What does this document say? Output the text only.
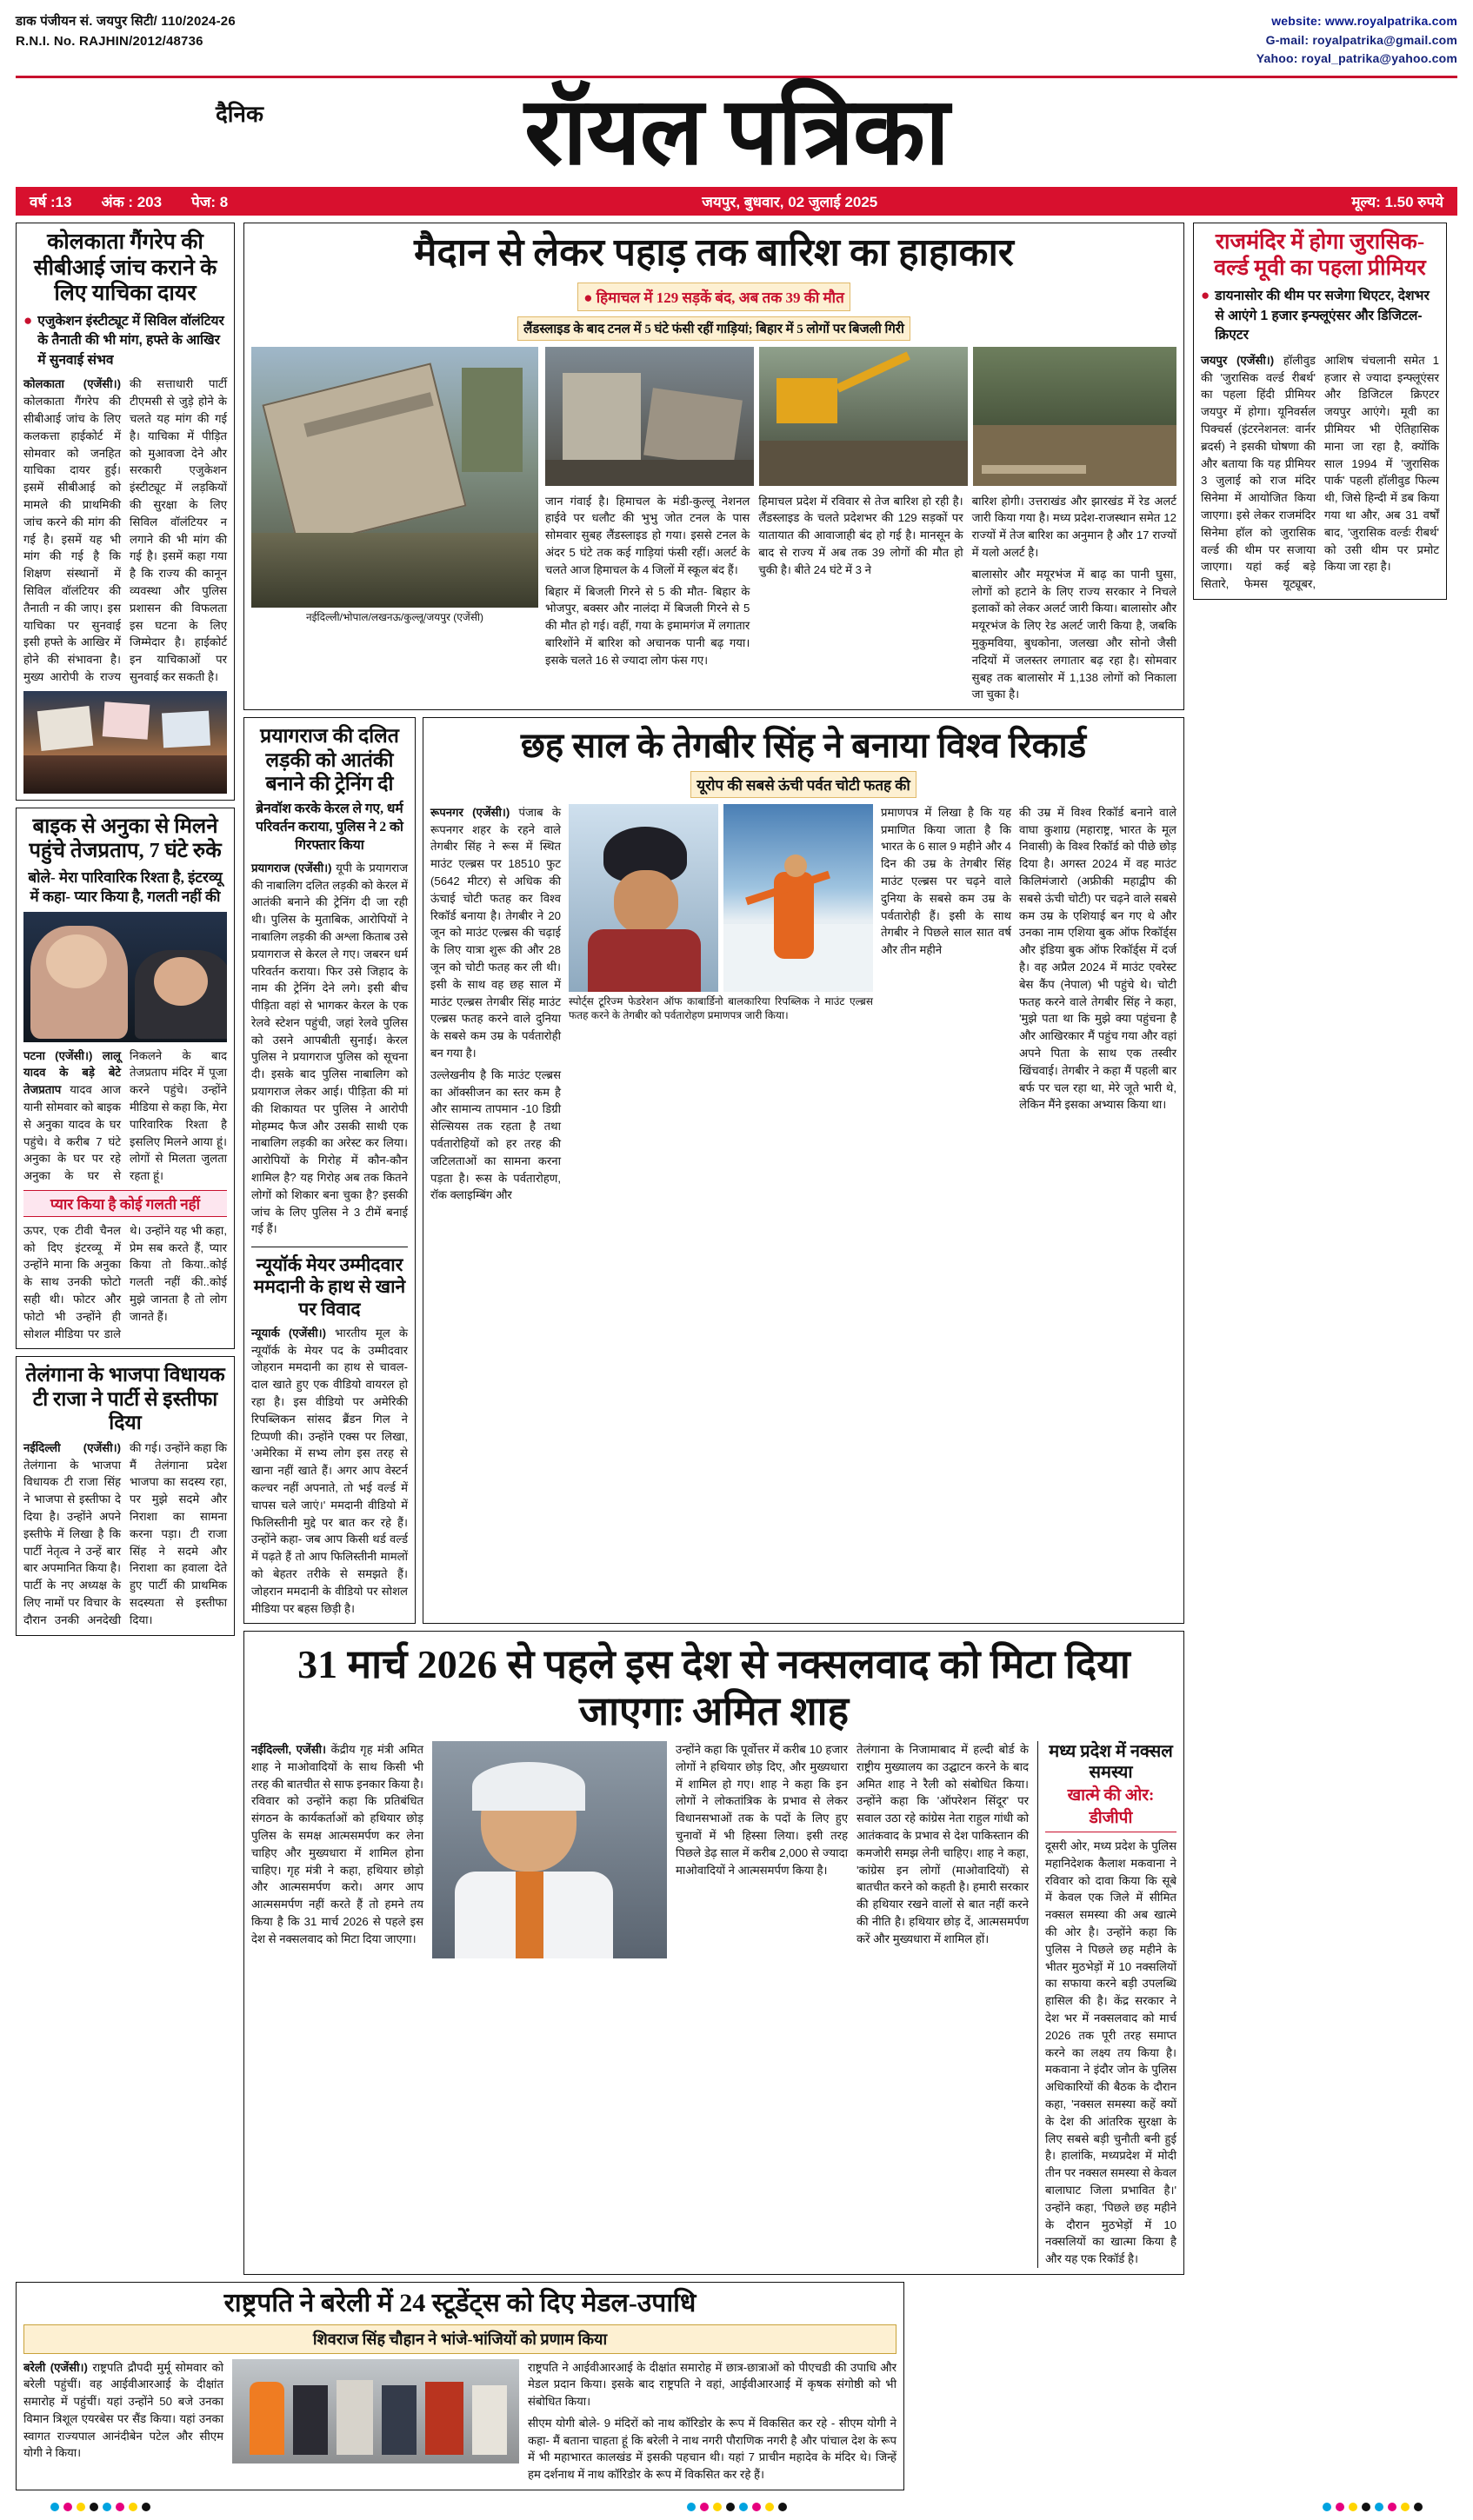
डाक पंजीयन सं. जयपुर सिटी/ 110/2024-26
R.N.I. No. RAJHIN/2012/48736
website: www.royalpatrika.com
G-mail: royalpatrika@gmail.com
Yahoo: royal_patrika@yahoo.com
दैनिक	रॉयल पत्रिका
वर्ष :13 अंक : 203 पेज: 8	जयपुर, बुधवार, 02 जुलाई 2025	मूल्य: 1.50 रुपये
कोलकाता गैंगरेप की सीबीआई जांच कराने के लिए याचिका दायर
● एजुकेशन इंस्टीट्यूट में सिविल वॉलंटियर के तैनाती की भी मांग, हफ्ते के आखिर में सुनवाई संभव
कोलकाता (एजेंसी।) कोलकाता गैंगरेप की सीबीआई जांच के लिए कलकत्ता हाईकोर्ट में सोमवार को जनहित याचिका दायर हुई। इसमें सीबीआई को मामले की प्राथमिकी जांच करने की मांग की गई है। इसमें यह भी मांग की गई है कि शिक्षण संस्थानों में सिविल वॉलंटियर की तैनाती न की जाए। इस याचिका पर सुनवाई इसी हफ्ते के आखिर में होने की संभावना है। मुख्य आरोपी के राज्य की सत्ताधारी पार्टी टीएमसी से जुड़े होने के चलते यह मांग की गई है। याचिका में पीड़ित को मुआवजा देने और सरकारी एजुकेशन इंस्टीट्यूट में लड़कियों की सुरक्षा के लिए सिविल वॉलंटियर न लगाने की भी मांग की गई है। इसमें कहा गया है कि राज्य की कानून व्यवस्था और पुलिस प्रशासन की विफलता इस घटना के लिए जिम्मेदार है। हाईकोर्ट इन याचिकाओं पर सुनवाई कर सकती है।
बाइक से अनुका से मिलने पहुंचे तेजप्रताप, 7 घंटे रुके
बोले- मेरा पारिवारिक रिश्ता है, इंटरव्यू में कहा- प्यार किया है, गलती नहीं की
पटना (एजेंसी।) लालू यादव के बड़े बेटे तेजप्रताप यादव आज यानी सोमवार को बाइक से अनुका यादव के घर पहुंचे। वे करीब 7 घंटे अनुका के घर पर रहे अनुका के घर से निकलने के बाद तेजप्रताप मंदिर में पूजा करने पहुंचे। उन्होंने मीडिया से कहा कि, मेरा पारिवारिक रिश्ता है इसलिए मिलने आया हूं। लोगों से मिलता जुलता रहता हूं।
प्यार किया है कोई गलती नहीं
ऊपर, एक टीवी चैनल को दिए इंटरव्यू में उन्होंने माना कि अनुका के साथ उनकी फोटो सही थी। फोटर और फोटो भी उन्होंने ही सोशल मीडिया पर डाले थे। उन्होंने यह भी कहा, प्रेम सब करते हैं, प्यार किया तो किया..कोई गलती नहीं की..कोई मुझे जानता है तो लोग जानते हैं।
तेलंगाना के भाजपा विधायक टी राजा ने पार्टी से इस्तीफा दिया
नईदिल्ली (एजेंसी।) तेलंगाना के भाजपा विधायक टी राजा सिंह ने भाजपा से इस्तीफा दे दिया है। उन्होंने अपने इस्तीफे में लिखा है कि पार्टी नेतृत्व ने उन्हें बार बार अपमानित किया है। पार्टी के नए अध्यक्ष के लिए नामों पर विचार के दौरान उनकी अनदेखी की गई। उन्होंने कहा कि मैं तेलंगाना प्रदेश भाजपा का सदस्य रहा, पर मुझे सदमे और निराशा का सामना करना पड़ा। टी राजा सिंह ने सदमे और निराशा का हवाला देते हुए पार्टी की प्राथमिक सदस्यता से इस्तीफा दिया।
मैदान से लेकर पहाड़ तक बारिश का हाहाकार
● हिमाचल में 129 सड़कें बंद, अब तक 39 की मौत
लैंडस्लाइड के बाद टनल में 5 घंटे फंसी रहीं गाड़ियां; बिहार में 5 लोगों पर बिजली गिरी
नईदिल्ली/भोपाल/लखनऊ/कुल्लू/जयपुर (एजेंसी)
जान गंवाई है। हिमाचल के मंडी-कुल्लू नेशनल हाईवे पर धलौट की भुभु जोत टनल के पास सोमवार सुबह लैंडस्लाइड हो गया। इससे टनल के अंदर 5 घंटे तक कई गाड़ियां फंसी रहीं। अलर्ट के चलते आज हिमाचल के 4 जिलों में स्कूल बंद हैं।
बिहार में बिजली गिरने से 5 की मौत- बिहार के भोजपुर, बक्सर और नालंदा में बिजली गिरने से 5 की मौत हो गई। वहीं, गया के इमामगंज में लगातार बारिशोंने में बारिश को अचानक पानी बढ़ गया। इसके चलते 16 से ज्यादा लोग फंस गए।
हिमाचल प्रदेश में रविवार से तेज बारिश हो रही है। लैंडस्लाइड के चलते प्रदेशभर की 129 सड़कों पर यातायात की आवाजाही बंद हो गई है। मानसून के बाद से राज्य में अब तक 39 लोगों की मौत हो चुकी है। बीते 24 घंटे में 3 ने
बारिश होगी। उत्तराखंड और झारखंड में रेड अलर्ट जारी किया गया है। मध्य प्रदेश-राजस्थान समेत 12 राज्यों में तेज बारिश का अनुमान है और 17 राज्यों में यलो अलर्ट है।
बालासोर और मयूरभंज में बाढ़ का पानी घुसा, लोगों को हटाने के लिए राज्य सरकार ने निचले इलाकों को लेकर अलर्ट जारी किया। बालासोर और मयूरभंज के लिए रेड अलर्ट जारी किया है, जबकि मुकुमविया, बुधकोना, जलखा और सोनो जैसी नदियों में जलस्तर लगातार बढ़ रहा है। सोमवार सुबह तक बालासोर में 1,138 लोगों को निकाला जा चुका है।
प्रयागराज की दलित लड़की को आतंकी बनाने की ट्रेनिंग दी
ब्रेनवॉश करके केरल ले गए, धर्म परिवर्तन कराया, पुलिस ने 2 को गिरफ्तार किया
प्रयागराज (एजेंसी।) यूपी के प्रयागराज की नाबालिग दलित लड़की को केरल में आतंकी बनाने की ट्रेनिंग दी जा रही थी। पुलिस के मुताबिक, आरोपियों ने नाबालिग लड़की की अश्ला किताब उसे प्रयागराज से केरल ले गए। जबरन धर्म परिवर्तन कराया। फिर उसे जिहाद के नाम की ट्रेनिंग देने लगे। इसी बीच पीड़िता वहां से भागकर केरल के एक रेलवे स्टेशन पहुंची, जहां रेलवे पुलिस को उसने आपबीती सुनाई। केरल पुलिस ने प्रयागराज पुलिस को सूचना दी। इसके बाद पुलिस नाबालिग को प्रयागराज लेकर आई। पीड़िता की मां की शिकायत पर पुलिस ने आरोपी मोहम्मद फैज और उसकी साथी एक नाबालिग लड़की का अरेस्ट कर लिया। आरोपियों के गिरोह में कौन-कौन शामिल है? यह गिरोह अब तक कितने लोगों को शिकार बना चुका है? इसकी जांच के लिए पुलिस ने 3 टीमें बनाई गई हैं।
न्यूयॉर्क मेयर उम्मीदवार ममदानी के हाथ से खाने पर विवाद
न्यूयार्क (एजेंसी।) भारतीय मूल के न्यूयॉर्क के मेयर पद के उम्मीदवार जोहरान ममदानी का हाथ से चावल-दाल खाते हुए एक वीडियो वायरल हो रहा है। इस वीडियो पर अमेरिकी रिपब्लिकन सांसद ब्रैंडन गिल ने टिप्पणी की। उन्होंने एक्स पर लिखा, 'अमेरिका में सभ्य लोग इस तरह से खाना नहीं खाते हैं। अगर आप वेस्टर्न कल्चर नहीं अपनाते, तो भई वर्ल्ड में चापस चले जाएं।' ममदानी वीडियो में फिलिस्तीनी मुद्दे पर बात कर रहे हैं। उन्होंने कहा- जब आप किसी थर्ड वर्ल्ड में पढ़ते हैं तो आप फिलिस्तीनी मामलों को बेहतर तरीके से समझते हैं। जोहरान ममदानी के वीडियो पर सोशल मीडिया पर बहस छिड़ी है।
छह साल के तेगबीर सिंह ने बनाया विश्व रिकार्ड
यूरोप की सबसे ऊंची पर्वत चोटी फतह की
रूपनगर (एजेंसी।) पंजाब के रूपनगर शहर के रहने वाले तेगबीर सिंह ने रूस में स्थित माउंट एल्ब्रस पर 18510 फुट (5642 मीटर) से अधिक की ऊंचाई चोटी फतह कर विश्व रिकॉर्ड बनाया है। तेगबीर ने 20 जून को माउंट एल्ब्रस की चढ़ाई के लिए यात्रा शुरू की और 28 जून को चोटी फतह कर ली थी। इसी के साथ वह छह साल में माउंट एल्ब्रस तेगबीर सिंह माउंट एल्ब्रस फतह करने वाले दुनिया के सबसे कम उम्र के पर्वतारोही बन गया है।
उल्लेखनीय है कि माउंट एल्ब्रस का ऑक्सीजन का स्तर कम है और सामान्य तापमान -10 डिग्री सेल्सियस तक रहता है तथा पर्वतारोहियों को हर तरह की जटिलताओं का सामना करना पड़ता है। रूस के पर्वतारोहण, रॉक क्लाइम्बिंग और
स्पोर्ट्स टूरिज्म फेडरेशन ऑफ काबार्डिनो बालकारिया रिपब्लिक ने माउंट एल्ब्रस फतह करने के तेगबीर को पर्वतारोहण प्रमाणपत्र जारी किया।
प्रमाणपत्र में लिखा है कि यह प्रमाणित किया जाता है कि भारत के 6 साल 9 महीने और 4 दिन की उम्र के तेगबीर सिंह माउंट एल्ब्रस पर चढ़ने वाले दुनिया के सबसे कम उम्र के पर्वतारोही हैं। इसी के साथ तेगबीर ने पिछले साल सात वर्ष और तीन महीने
की उम्र में विश्व रिकॉर्ड बनाने वाले वाघा कुशाग्र (महाराष्ट्र, भारत के मूल निवासी) के विश्व रिकॉर्ड को पीछे छोड़ दिया है। अगस्त 2024 में वह माउंट किलिमंजारो (अफ्रीकी महाद्वीप की सबसे ऊंची चोटी) पर चढ़ने वाले सबसे कम उम्र के एशियाई बन गए थे और उनका नाम एशिया बुक ऑफ रिकॉर्ड्स और इंडिया बुक ऑफ रिकॉर्ड्स में दर्ज है। वह अप्रैल 2024 में माउंट एवरेस्ट बेस कैंप (नेपाल) भी पहुंचे थे। चोटी फतह करने वाले तेगबीर सिंह ने कहा, 'मुझे पता था कि मुझे क्या पहुंचना है और आखिरकार मैं पहुंच गया और वहां अपने पिता के साथ एक तस्वीर खिंचवाई। तेगबीर ने कहा मैं पहली बार बर्फ पर चल रहा था, मेरे जूते भारी थे, लेकिन मैंने इसका अभ्यास किया था।
31 मार्च 2026 से पहले इस देश से नक्सलवाद को मिटा दिया जाएगाः अमित शाह
नईदिल्ली, एजेंसी। केंद्रीय गृह मंत्री अमित शाह ने माओवादियों के साथ किसी भी तरह की बातचीत से साफ इनकार किया है। रविवार को उन्होंने कहा कि प्रतिबंधित संगठन के कार्यकर्ताओं को हथियार छोड़ पुलिस के समक्ष आत्मसमर्पण कर लेना चाहिए और मुख्यधारा में शामिल होना चाहिए। गृह मंत्री ने कहा, हथियार छोड़ो और आत्मसमर्पण करो। अगर आप आत्मसमर्पण नहीं करते हैं तो हमने तय किया है कि 31 मार्च 2026 से पहले इस देश से नक्सलवाद को मिटा दिया जाएगा।
उन्होंने कहा कि पूर्वोत्तर में करीब 10 हजार लोगों ने हथियार छोड़ दिए, और मुख्यधारा में शामिल हो गए। शाह ने कहा कि इन लोगों ने लोकतांत्रिक के प्रभाव से लेकर विधानसभाओं तक के पदों के लिए हुए चुनावों में भी हिस्सा लिया। इसी तरह पिछले डेढ़ साल में करीब 2,000 से ज्यादा माओवादियों ने आत्मसमर्पण किया है।
तेलंगाना के निजामाबाद में हल्दी बोर्ड के राष्ट्रीय मुख्यालय का उद्घाटन करने के बाद अमित शाह ने रैली को संबोधित किया। उन्होंने कहा कि 'ऑपरेशन सिंदूर' पर सवाल उठा रहे कांग्रेस नेता राहुल गांधी को आतंकवाद के प्रभाव से देश पाकिस्तान की कमजोरी समझ लेनी चाहिए। शाह ने कहा, 'कांग्रेस इन लोगों (माओवादियों) से बातचीत करने को कहती है। हमारी सरकार की हथियार रखने वालों से बात नहीं करने की नीति है। हथियार छोड़ दें, आत्मसमर्पण करें और मुख्यधारा में शामिल हों।
मध्य प्रदेश में नक्सल समस्या
खात्मे की ओर: डीजीपी
दूसरी ओर, मध्य प्रदेश के पुलिस महानिदेशक कैलाश मकवाना ने रविवार को दावा किया कि सूबे में केवल एक जिले में सीमित नक्सल समस्या की अब खात्मे की ओर है। उन्होंने कहा कि पुलिस ने पिछले छह महीने के भीतर मुठभेड़ों में 10 नक्सलियों का सफाया करने बड़ी उपलब्धि हासिल की है। केंद्र सरकार ने देश भर में नक्सलवाद को मार्च 2026 तक पूरी तरह समाप्त करने का लक्ष्य तय किया है। मकवाना ने इंदौर जोन के पुलिस अधिकारियों की बैठक के दौरान कहा, 'नक्सल समस्या कहें क्यों के देश की आंतरिक सुरक्षा के लिए सबसे बड़ी चुनौती बनी हुई है। हालांकि, मध्यप्रदेश में मोदी तीन पर नक्सल समस्या से केवल बालाघाट जिला प्रभावित है।' उन्होंने कहा, 'पिछले छह महीने के दौरान मुठभेड़ों में 10 नक्सलियों का खात्मा किया है और यह एक रिकॉर्ड है।
राजमंदिर में होगा जुरासिक-वर्ल्ड मूवी का पहला प्रीमियर
● डायनासोर की थीम पर सजेगा थिएटर, देशभर से आएंगे 1 हजार इन्फ्लूएंसर और डिजिटल-क्रिएटर
जयपुर (एजेंसी।) हॉलीवुड की 'जुरासिक वर्ल्ड रीबर्थ' का पहला हिंदी प्रीमियर जयपुर में होगा। यूनिवर्सल पिक्चर्स (इंटरनेशनल: वार्नर ब्रदर्स) ने इसकी घोषणा की और बताया कि यह प्रीमियर 3 जुलाई को राज मंदिर सिनेमा में आयोजित किया जाएगा। इसे लेकर राजमंदिर सिनेमा हॉल को जुरासिक वर्ल्ड की थीम पर सजाया जाएगा। यहां कई बड़े सितारे, फेमस यूट्यूबर, आशिष चंचलानी समेत 1 हजार से ज्यादा इन्फ्लूएंसर और डिजिटल क्रिएटर जयपुर आएंगे। मूवी का प्रीमियर भी ऐतिहासिक माना जा रहा है, क्योंकि साल 1994 में 'जुरासिक पार्क' पहली हॉलीवुड फिल्म थी, जिसे हिन्दी में डब किया गया था और, अब 31 वर्षों बाद, 'जुरासिक वर्ल्डः रीबर्थ' को उसी थीम पर प्रमोट किया जा रहा है।
राष्ट्रपति ने बरेली में 24 स्टूडेंट्स को दिए मेडल-उपाधि
शिवराज सिंह चौहान ने भांजे-भांजियों को प्रणाम किया
बरेली (एजेंसी।) राष्ट्रपति द्रौपदी मुर्मू सोमवार को बरेली पहुंचीं। वह आईवीआरआई के दीक्षांत समारोह में पहुंचीं। यहां उन्होंने 50 बजे उनका विमान त्रिशूल एयरबेस पर सैंड किया। यहां उनका स्वागत राज्यपाल आनंदीबेन पटेल और सीएम योगी ने किया।
राष्ट्रपति ने आईवीआरआई के दीक्षांत समारोह में छात्र-छात्राओं को पीएचडी की उपाधि और मेडल प्रदान किया। इसके बाद राष्ट्रपति ने वहां, आईवीआरआई में कृषक संगोष्ठी को भी संबोधित किया।
सीएम योगी बोले- 9 मंदिरों को नाथ कॉरिडोर के रूप में विकसित कर रहे - सीएम योगी ने कहा- मैं बताना चाहता हूं कि बरेली ने नाथ नगरी पौराणिक नगरी है और पांचाल देश के रूप में भी महाभारत कालखंड में इसकी पहचान थी। यहां 7 प्राचीन महादेव के मंदिर थे। जिन्हें हम दर्शनाथ में नाथ कॉरिडोर के रूप में विकसित कर रहे हैं।
